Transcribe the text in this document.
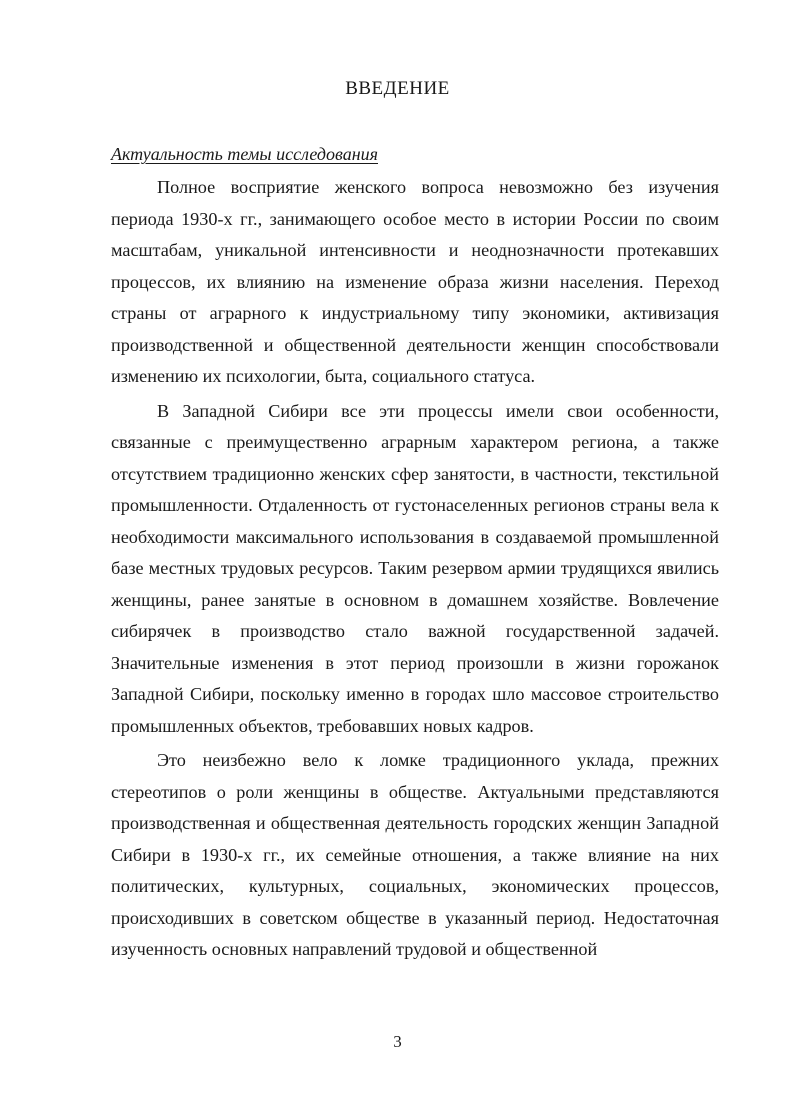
ВВЕДЕНИЕ
Актуальность темы исследования

Полное восприятие женского вопроса невозможно без изучения периода 1930-х гг., занимающего особое место в истории России по своим масштабам, уникальной интенсивности и неоднозначности протекавших процессов, их влиянию на изменение образа жизни населения. Переход страны от аграрного к индустриальному типу экономики, активизация производственной и общественной деятельности женщин способствовали изменению их психологии, быта, социального статуса.

В Западной Сибири все эти процессы имели свои особенности, связанные с преимущественно аграрным характером региона, а также отсутствием традиционно женских сфер занятости, в частности, текстильной промышленности. Отдаленность от густонаселенных регионов страны вела к необходимости максимального использования в создаваемой промышленной базе местных трудовых ресурсов. Таким резервом армии трудящихся явились женщины, ранее занятые в основном в домашнем хозяйстве. Вовлечение сибирячек в производство стало важной государственной задачей. Значительные изменения в этот период произошли в жизни горожанок Западной Сибири, поскольку именно в городах шло массовое строительство промышленных объектов, требовавших новых кадров.

Это неизбежно вело к ломке традиционного уклада, прежних стереотипов о роли женщины в обществе. Актуальными представляются производственная и общественная деятельность городских женщин Западной Сибири в 1930-х гг., их семейные отношения, а также влияние на них политических, культурных, социальных, экономических процессов, происходивших в советском обществе в указанный период. Недостаточная изученность основных направлений трудовой и общественной

3
